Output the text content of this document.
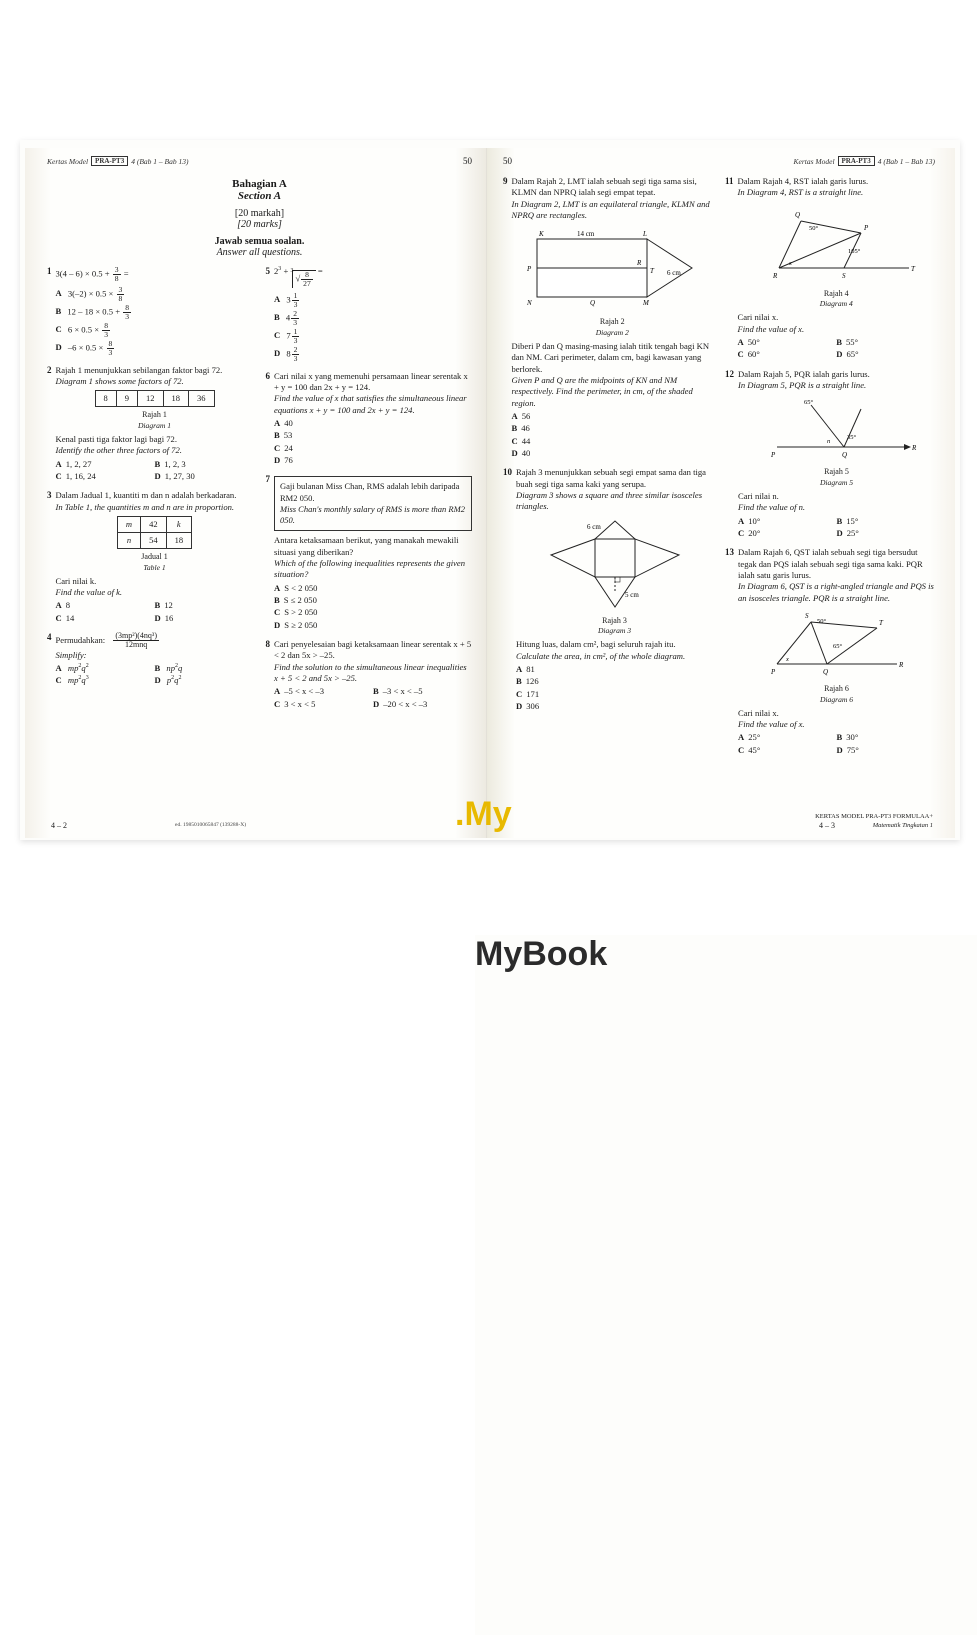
Kertas Model	PRA-PT3 4 (Bab 1 – Bab 13)	50
Bahagian A
Section A
[20 markah]
[20 marks]
Jawab semua soalan.
Answer all questions.
1 $3(4 - 6) \times 0.5 + \frac{3}{8}$ =
A $3(-2) \times 0.5 \times \frac{3}{8}$
B $12 - 18 \times 0.5 + \frac{8}{3}$
C $6 \times 0.5 \times \frac{8}{3}$
D $-6 \times 0.5 \times \frac{8}{3}$
2 Rajah 1 menunjukkan sebilangan faktor bagi 72.
Diagram 1 shows some factors of 72.
8	9	12	18	36
Rajah 1
Diagram 1
Kenal pasti tiga faktor lagi bagi 72.
Identify the other three factors of 72.
A 1, 2, 27	B 1, 2, 3
C 1, 16, 24	D 1, 27, 30
3 Dalam Jadual 1, kuantiti m dan n adalah berkadaran.
In Table 1, the quantities m and n are in proportion.
m	42	k
n	54	18
Jadual 1
Table 1
Cari nilai k.
Find the value of k.
A 8	B 12
C 14	D 16
4 Permudahkan: $\frac{\text{(3mp²)(4nq³)}}{\text{12mnq}}$
Simplify:
A $mp^2q^2$	B $np^2q$
C $mp^2q^3$	D $p^2q^2$
5 $2^3 + 3$
√ $\frac{8}{27}$ =
A $3 \frac{1}{3}$
B $4 \frac{2}{3}$
C $7 \frac{1}{3}$
D $8 \frac{2}{3}$
6 Cari nilai x yang memenuhi persamaan linear serentak x + y = 100 dan 2x + y = 124.
Find the value of x that satisfies the simultaneous linear equations x + y = 100 and 2x + y = 124.
A 40
B 53
C 24
D 76
7
Gaji bulanan Miss Chan, RMS adalah lebih daripada RM2 050.
Miss Chan's monthly salary of RMS is more than RM2 050.
Antara ketaksamaan berikut, yang manakah mewakili situasi yang diberikan?
Which of the following inequalities represents the given situation?
A S < 2 050
B S ≤ 2 050
C S > 2 050
D S ≥ 2 050
8 Cari penyelesaian bagi ketaksamaan linear serentak x + 5 < 2 dan 5x > –25.
Find the solution to the simultaneous linear inequalities x + 5 < 2 and 5x > –25.
A –5 < x < –3	B –3 < x < –5
C 3 < x < 5	D –20 < x < –3
4 – 2	ed. 1985010065847 (139288-X)
50	Kertas Model	PRA-PT3 4 (Bab 1 – Bab 13)
9 Dalam Rajah 2, LMT ialah sebuah segi tiga sama sisi, KLMN dan NPRQ ialah segi empat tepat.
In Diagram 2, LMT is an equilateral triangle, KLMN and NPRQ are rectangles.
K	L
P
R
T
N	Q	M
14 cm
6 cm
Rajah 2
Diagram 2
Diberi P dan Q masing-masing ialah titik tengah bagi KN dan NM. Cari perimeter, dalam cm, bagi kawasan yang berlorek.
Given P and Q are the midpoints of KN and NM respectively. Find the perimeter, in cm, of the shaded region.
A 56
B 46
C 44
D 40
10 Rajah 3 menunjukkan sebuah segi empat sama dan tiga buah segi tiga sama kaki yang serupa.
Diagram 3 shows a square and three similar isosceles triangles.
6 cm
5 cm
Rajah 3
Diagram 3
Hitung luas, dalam cm², bagi seluruh rajah itu.
Calculate the area, in cm², of the whole diagram.
A 81
B 126
C 171
D 306
11 Dalam Rajah 4, RST ialah garis lurus.
In Diagram 4, RST is a straight line.
Q
P
R	S
T
50°
x
105°
Rajah 4
Diagram 4
Cari nilai x.
Find the value of x.
A 50°	B 55°
C 60°	D 65°
12 Dalam Rajah 5, PQR ialah garis lurus.
In Diagram 5, PQR is a straight line.
65°
n
35°
P	Q
R
Rajah 5
Diagram 5
Cari nilai n.
Find the value of n.
A 10°	B 15°
C 20°	D 25°
13 Dalam Rajah 6, QST ialah sebuah segi tiga bersudut tegak dan PQS ialah sebuah segi tiga sama kaki. PQR ialah satu garis lurus.
In Diagram 6, QST is a right-angled triangle and PQS is an isosceles triangle. PQR is a straight line.
S
T
P	Q
R
50°
65°
x
Rajah 6
Diagram 6
Cari nilai x.
Find the value of x.
A 25°	B 30°
C 45°	D 75°
4 – 3
KERTAS MODEL PRA-PT3 FORMULAA+
Matematik Tingkatan 1
MyBook
.My
